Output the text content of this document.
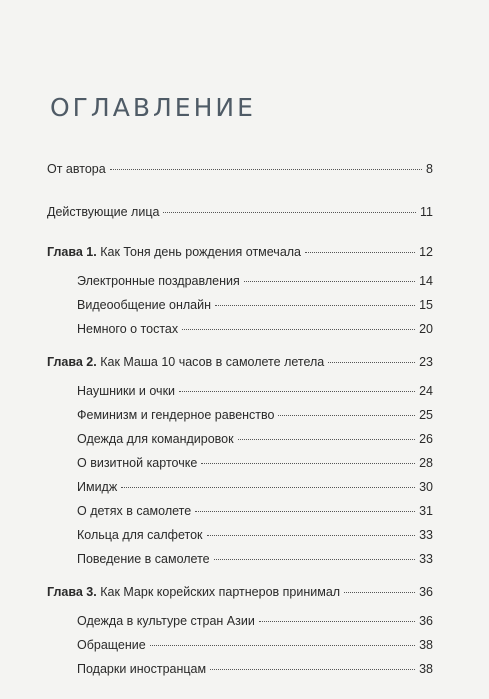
ОГЛАВЛЕНИЕ
От автора	8
Действующие лица	11
Глава 1. Как Тоня день рождения отмечала	12
Электронные поздравления	14
Видеообщение онлайн	15
Немного о тостах	20
Глава 2. Как Маша 10 часов в самолете летела	23
Наушники и очки	24
Феминизм и гендерное равенство	25
Одежда для командировок	26
О визитной карточке	28
Имидж	30
О детях в самолете	31
Кольца для салфеток	33
Поведение в самолете	33
Глава 3. Как Марк корейских партнеров принимал	36
Одежда в культуре стран Азии	36
Обращение	38
Подарки иностранцам	38
